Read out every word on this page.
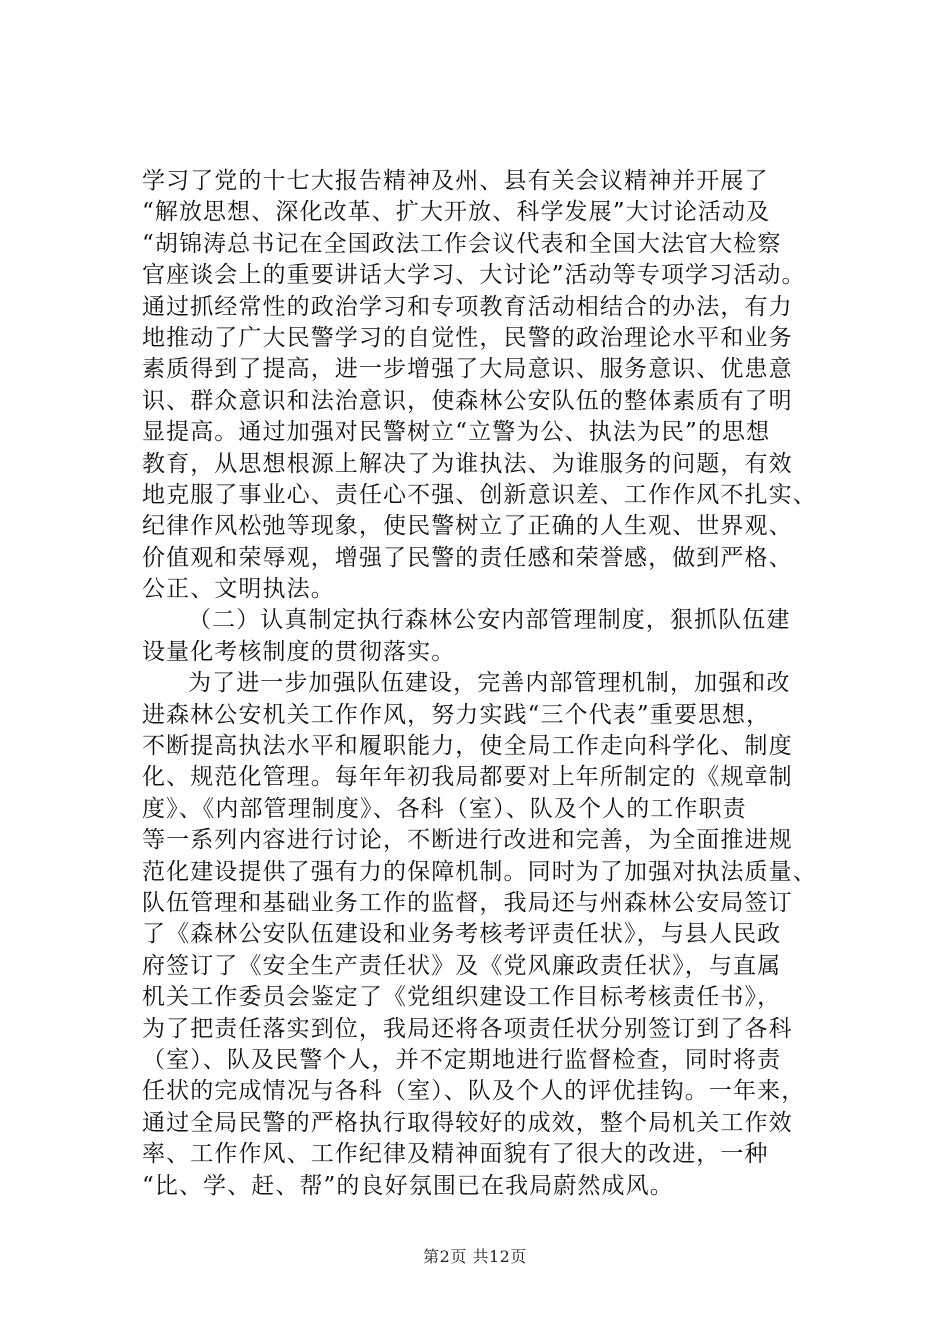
学习了党的十七大报告精神及州、县有关会议精神并开展了
“解放思想、深化改革、扩大开放、科学发展”大讨论活动及
“胡锦涛总书记在全国政法工作会议代表和全国大法官大检察
官座谈会上的重要讲话大学习、大讨论”活动等专项学习活动。
通过抓经常性的政治学习和专项教育活动相结合的办法，有力
地推动了广大民警学习的自觉性，民警的政治理论水平和业务
素质得到了提高，进一步增强了大局意识、服务意识、优患意
识、群众意识和法治意识，使森林公安队伍的整体素质有了明
显提高。通过加强对民警树立“立警为公、执法为民”的思想
教育，从思想根源上解决了为谁执法、为谁服务的问题，有效
地克服了事业心、责任心不强、创新意识差、工作作风不扎实、
纪律作风松弛等现象，使民警树立了正确的人生观、世界观、
价值观和荣辱观，增强了民警的责任感和荣誉感，做到严格、
公正、文明执法。
（二）认真制定执行森林公安内部管理制度，狠抓队伍建
设量化考核制度的贯彻落实。
为了进一步加强队伍建设，完善内部管理机制，加强和改
进森林公安机关工作作风，努力实践“三个代表”重要思想，
不断提高执法水平和履职能力，使全局工作走向科学化、制度
化、规范化管理。每年年初我局都要对上年所制定的《规章制
度》、《内部管理制度》、各科（室）、队及个人的工作职责
等一系列内容进行讨论，不断进行改进和完善，为全面推进规
范化建设提供了强有力的保障机制。同时为了加强对执法质量、
队伍管理和基础业务工作的监督，我局还与州森林公安局签订
了《森林公安队伍建设和业务考核考评责任状》，与县人民政
府签订了《安全生产责任状》及《党风廉政责任状》，与直属
机关工作委员会鉴定了《党组织建设工作目标考核责任书》，
为了把责任落实到位，我局还将各项责任状分别签订到了各科
（室）、队及民警个人，并不定期地进行监督检查，同时将责
任状的完成情况与各科（室）、队及个人的评优挂钩。一年来，
通过全局民警的严格执行取得较好的成效，整个局机关工作效
率、工作作风、工作纪律及精神面貌有了很大的改进，一种
“比、学、赶、帮”的良好氛围已在我局蔚然成风。
第2页 共12页
